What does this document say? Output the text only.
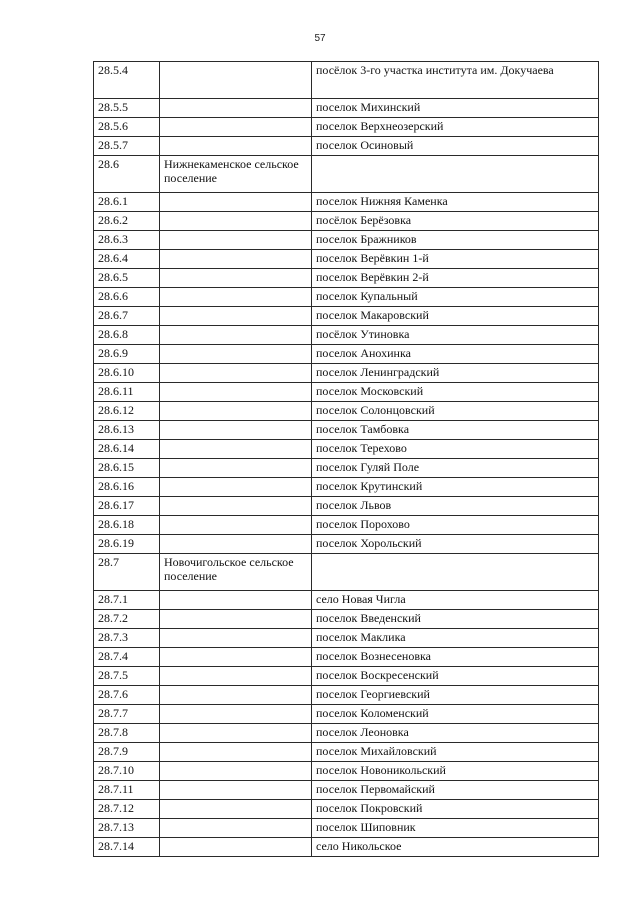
57
28.5.4		посёлок 3-го участка института им. Докучаева
28.5.5		поселок Михинский
28.5.6		поселок Верхнеозерский
28.5.7		поселок Осиновый
28.6	Нижнекаменское сельское поселение	
28.6.1		поселок Нижняя Каменка
28.6.2		посёлок Берёзовка
28.6.3		поселок Бражников
28.6.4		поселок Верёвкин 1-й
28.6.5		поселок Верёвкин 2-й
28.6.6		поселок Купальный
28.6.7		поселок Макаровский
28.6.8		посёлок Утиновка
28.6.9		поселок Анохинка
28.6.10		поселок Ленинградский
28.6.11		поселок Московский
28.6.12		поселок Солонцовский
28.6.13		поселок Тамбовка
28.6.14		поселок Терехово
28.6.15		поселок Гуляй Поле
28.6.16		поселок Крутинский
28.6.17		поселок Львов
28.6.18		поселок Порохово
28.6.19		поселок Хорольский
28.7	Новочигольское сельское поселение	
28.7.1		село Новая Чигла
28.7.2		поселок Введенский
28.7.3		поселок Маклика
28.7.4		поселок Вознесеновка
28.7.5		поселок Воскресенский
28.7.6		поселок Георгиевский
28.7.7		поселок Коломенский
28.7.8		поселок Леоновка
28.7.9		поселок Михайловский
28.7.10		поселок Новоникольский
28.7.11		поселок Первомайский
28.7.12		поселок Покровский
28.7.13		поселок Шиповник
28.7.14		село Никольское
